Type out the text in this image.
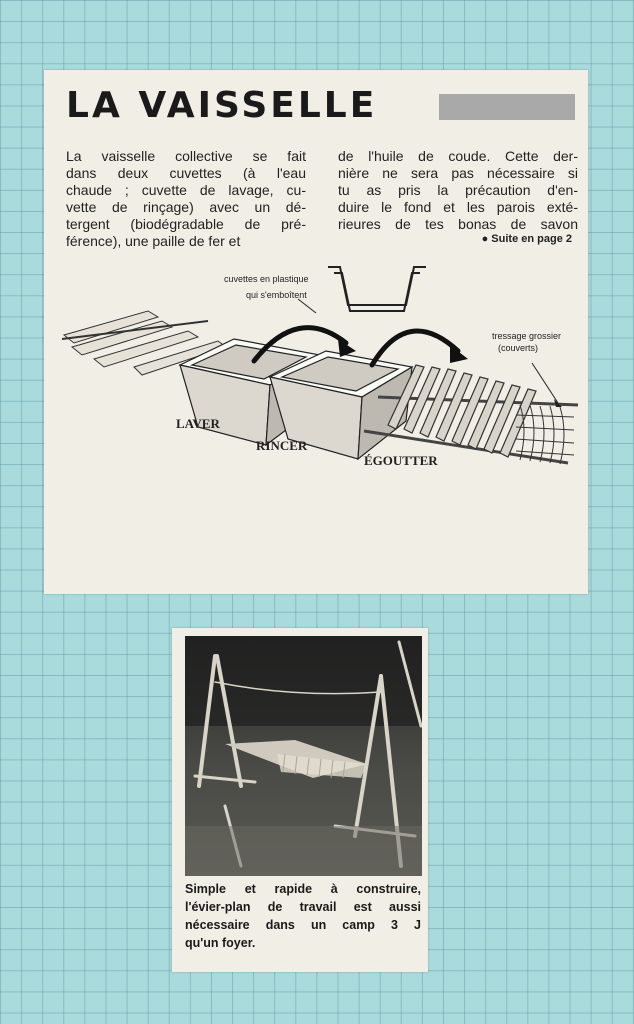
LA VAISSELLE

La vaisselle collective se fait
dans deux cuvettes (à l'eau
chaude ; cuvette de lavage, cu-
vette de rinçage) avec un dé-
tergent (biodégradable de pré-
férence), une paille de fer et

de l'huile de coude. Cette der-
nière ne sera pas nécessaire si
tu as pris la précaution d'en-
duire le fond et les parois exté-
rieures de tes bonas de savon

● Suite en page 2

cuvettes en plastique
qui s'emboîtent
tressage grossier
(couverts)
LAVER
RINCER
ÉGOUTTER

Simple et rapide à construire,
l'évier-plan de travail est aussi
nécessaire dans un camp 3 J
qu'un foyer.
